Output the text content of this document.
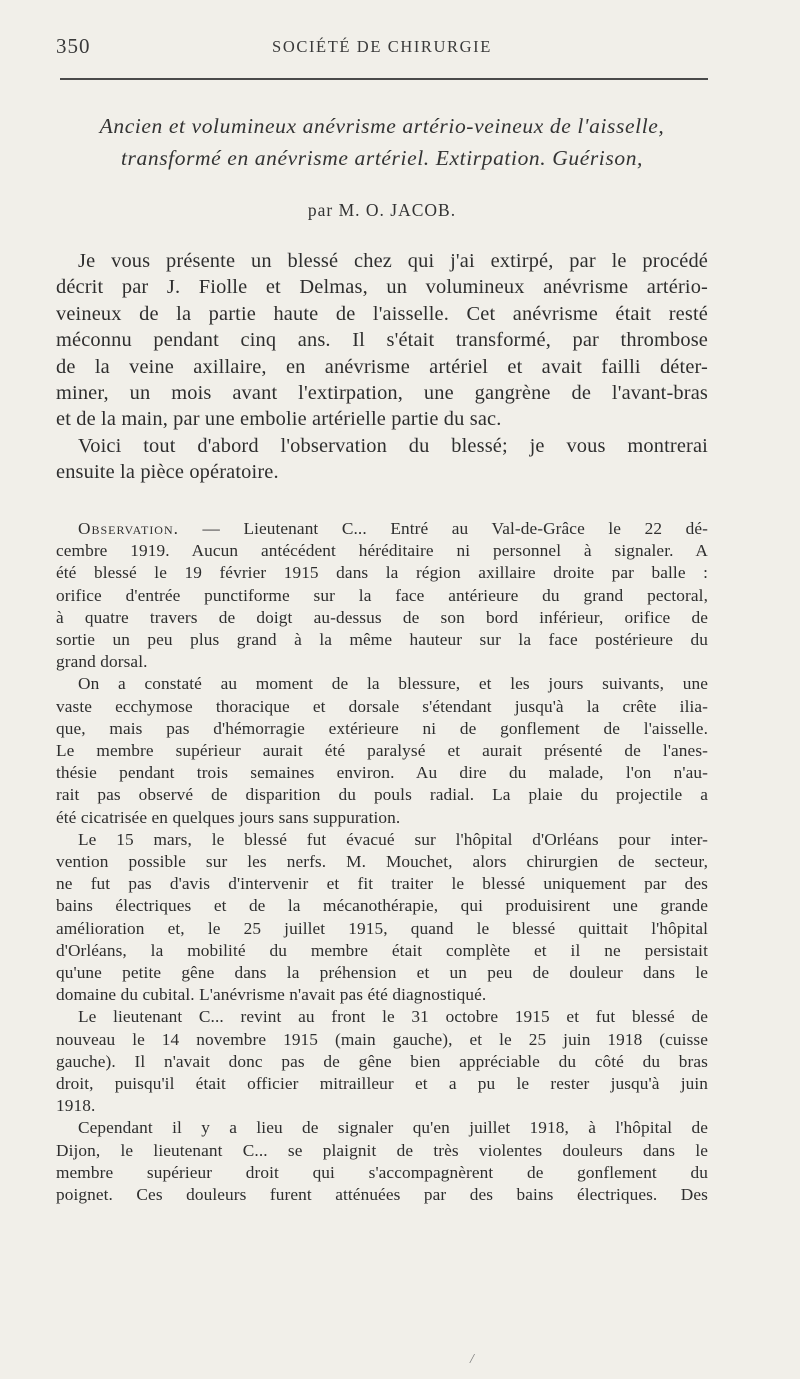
350	SOCIÉTÉ DE CHIRURGIE
Ancien et volumineux anévrisme artério-veineux de l'aisselle,
transformé en anévrisme artériel. Extirpation. Guérison,
par M. O. JACOB.
Je vous présente un blessé chez qui j'ai extirpé, par le procédé
décrit par J. Fiolle et Delmas, un volumineux anévrisme artério-
veineux de la partie haute de l'aisselle. Cet anévrisme était resté
méconnu pendant cinq ans. Il s'était transformé, par thrombose
de la veine axillaire, en anévrisme artériel et avait failli déter-
miner, un mois avant l'extirpation, une gangrène de l'avant-bras
et de la main, par une embolie artérielle partie du sac.
Voici tout d'abord l'observation du blessé; je vous montrerai
ensuite la pièce opératoire.
Observation. — Lieutenant C... Entré au Val-de-Grâce le 22 dé-
cembre 1919. Aucun antécédent héréditaire ni personnel à signaler. A
été blessé le 19 février 1915 dans la région axillaire droite par balle :
orifice d'entrée punctiforme sur la face antérieure du grand pectoral,
à quatre travers de doigt au-dessus de son bord inférieur, orifice de
sortie un peu plus grand à la même hauteur sur la face postérieure du
grand dorsal.
On a constaté au moment de la blessure, et les jours suivants, une
vaste ecchymose thoracique et dorsale s'étendant jusqu'à la crête ilia-
que, mais pas d'hémorragie extérieure ni de gonflement de l'aisselle.
Le membre supérieur aurait été paralysé et aurait présenté de l'anes-
thésie pendant trois semaines environ. Au dire du malade, l'on n'au-
rait pas observé de disparition du pouls radial. La plaie du projectile a
été cicatrisée en quelques jours sans suppuration.
Le 15 mars, le blessé fut évacué sur l'hôpital d'Orléans pour inter-
vention possible sur les nerfs. M. Mouchet, alors chirurgien de secteur,
ne fut pas d'avis d'intervenir et fit traiter le blessé uniquement par des
bains électriques et de la mécanothérapie, qui produisirent une grande
amélioration et, le 25 juillet 1915, quand le blessé quittait l'hôpital
d'Orléans, la mobilité du membre était complète et il ne persistait
qu'une petite gêne dans la préhension et un peu de douleur dans le
domaine du cubital. L'anévrisme n'avait pas été diagnostiqué.
Le lieutenant C... revint au front le 31 octobre 1915 et fut blessé de
nouveau le 14 novembre 1915 (main gauche), et le 25 juin 1918 (cuisse
gauche). Il n'avait donc pas de gêne bien appréciable du côté du bras
droit, puisqu'il était officier mitrailleur et a pu le rester jusqu'à juin
1918.
Cependant il y a lieu de signaler qu'en juillet 1918, à l'hôpital de
Dijon, le lieutenant C... se plaignit de très violentes douleurs dans le
membre supérieur droit qui s'accompagnèrent de gonflement du
poignet. Ces douleurs furent atténuées par des bains électriques. Des
/
